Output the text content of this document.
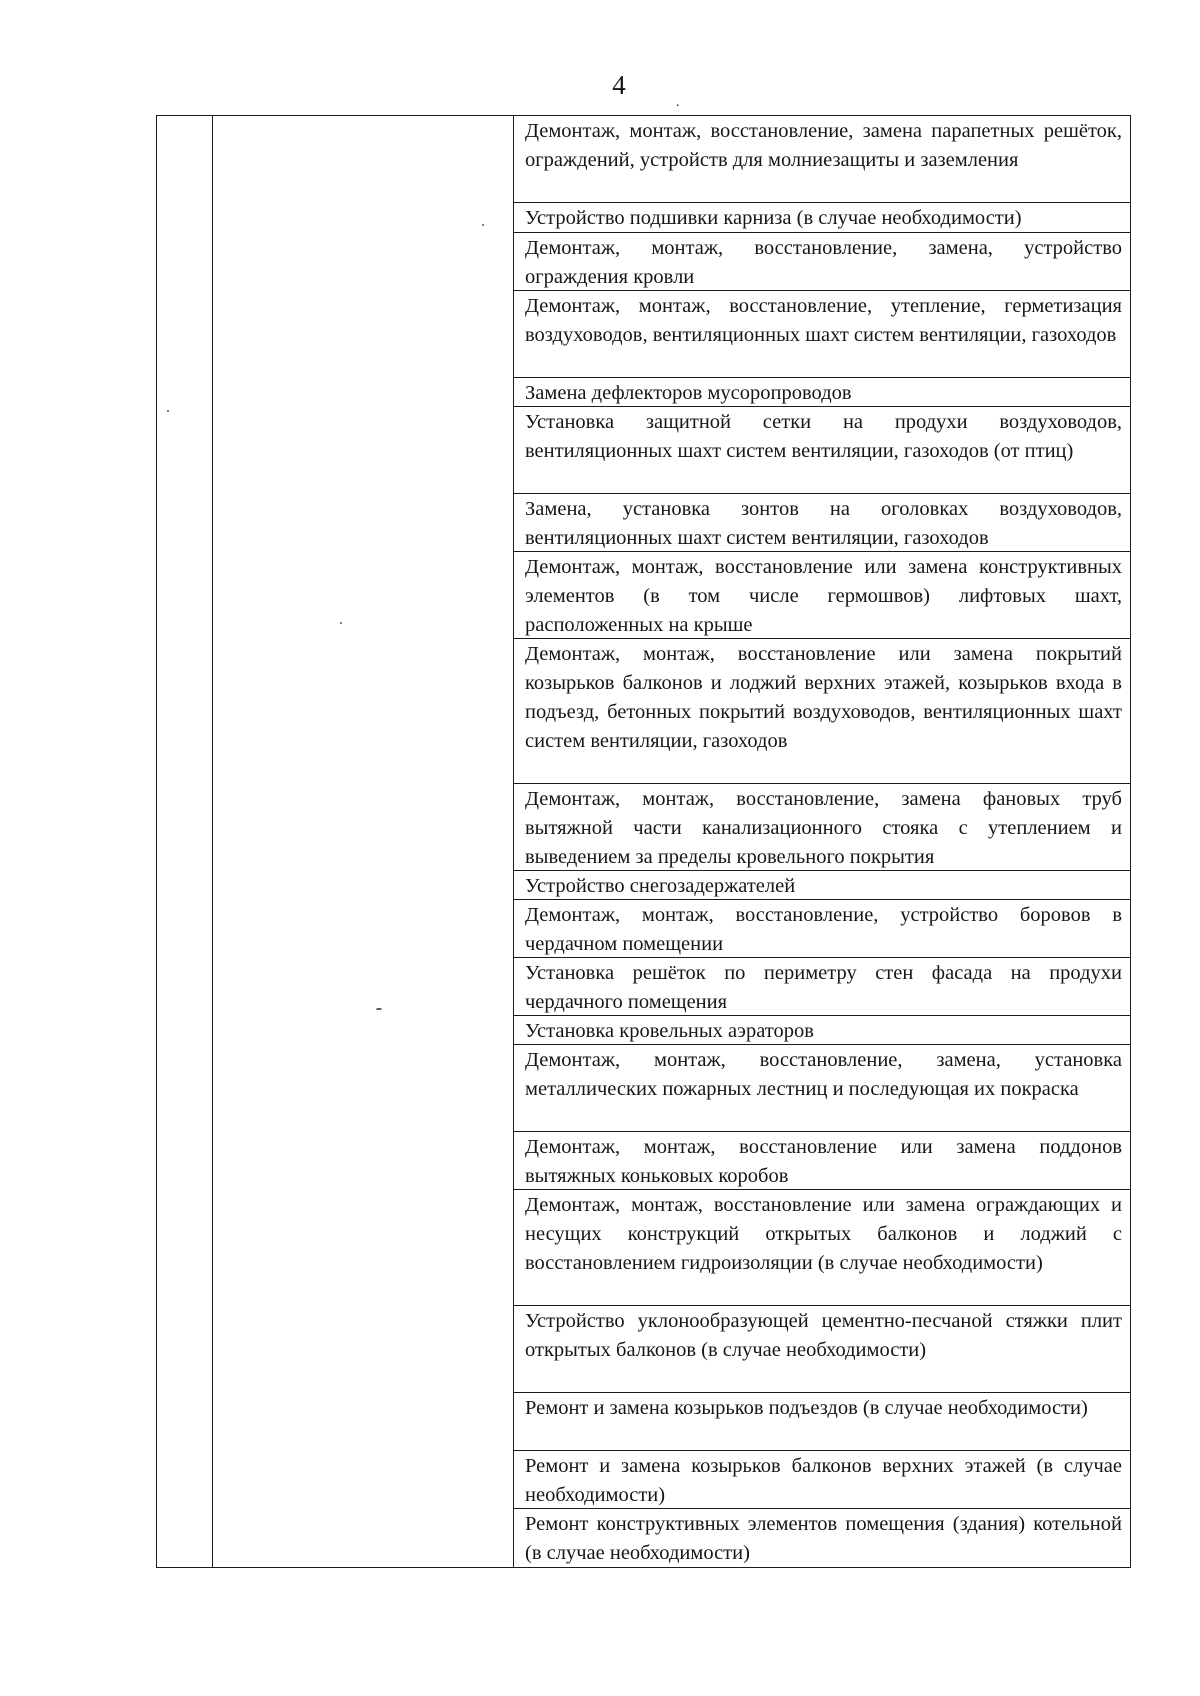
4
.
Демонтаж, монтаж, восстановление, замена парапетных решёток, ограждений, устройств для молниезащиты и заземления
Устройство подшивки карниза (в случае необходимости)
Демонтаж, монтаж, восстановление, замена, устройство ограждения кровли
Демонтаж, монтаж, восстановление, утепление, герметизация воздуховодов, вентиляционных шахт систем вентиляции, газоходов
Замена дефлекторов мусоропроводов
Установка защитной сетки на продухи воздуховодов, вентиляционных шахт систем вентиляции, газоходов (от птиц)
Замена, установка зонтов на оголовках воздуховодов, вентиляционных шахт систем вентиляции, газоходов
Демонтаж, монтаж, восстановление или замена конструктивных элементов (в том числе гермошвов) лифтовых шахт, расположенных на крыше
Демонтаж, монтаж, восстановление или замена покрытий козырьков балконов и лоджий верхних этажей, козырьков входа в подъезд, бетонных покрытий воздуховодов, вентиляционных шахт систем вентиляции, газоходов
Демонтаж, монтаж, восстановление, замена фановых труб вытяжной части канализационного стояка с утеплением и выведением за пределы кровельного покрытия
Устройство снегозадержателей
Демонтаж, монтаж, восстановление, устройство боровов в чердачном помещении
Установка решёток по периметру стен фасада на продухи чердачного помещения
Установка кровельных аэраторов
Демонтаж, монтаж, восстановление, замена, установка металлических пожарных лестниц и последующая их покраска
Демонтаж, монтаж, восстановление или замена поддонов вытяжных коньковых коробов
Демонтаж, монтаж, восстановление или замена ограждающих и несущих конструкций открытых балконов и лоджий с восстановлением гидроизоляции (в случае необходимости)
Устройство уклонообразующей цементно-песчаной стяжки плит открытых балконов (в случае необходимости)
Ремонт и замена козырьков подъездов (в случае необходимости)
Ремонт и замена козырьков балконов верхних этажей (в случае необходимости)
Ремонт конструктивных элементов помещения (здания) котельной (в случае необходимости)
